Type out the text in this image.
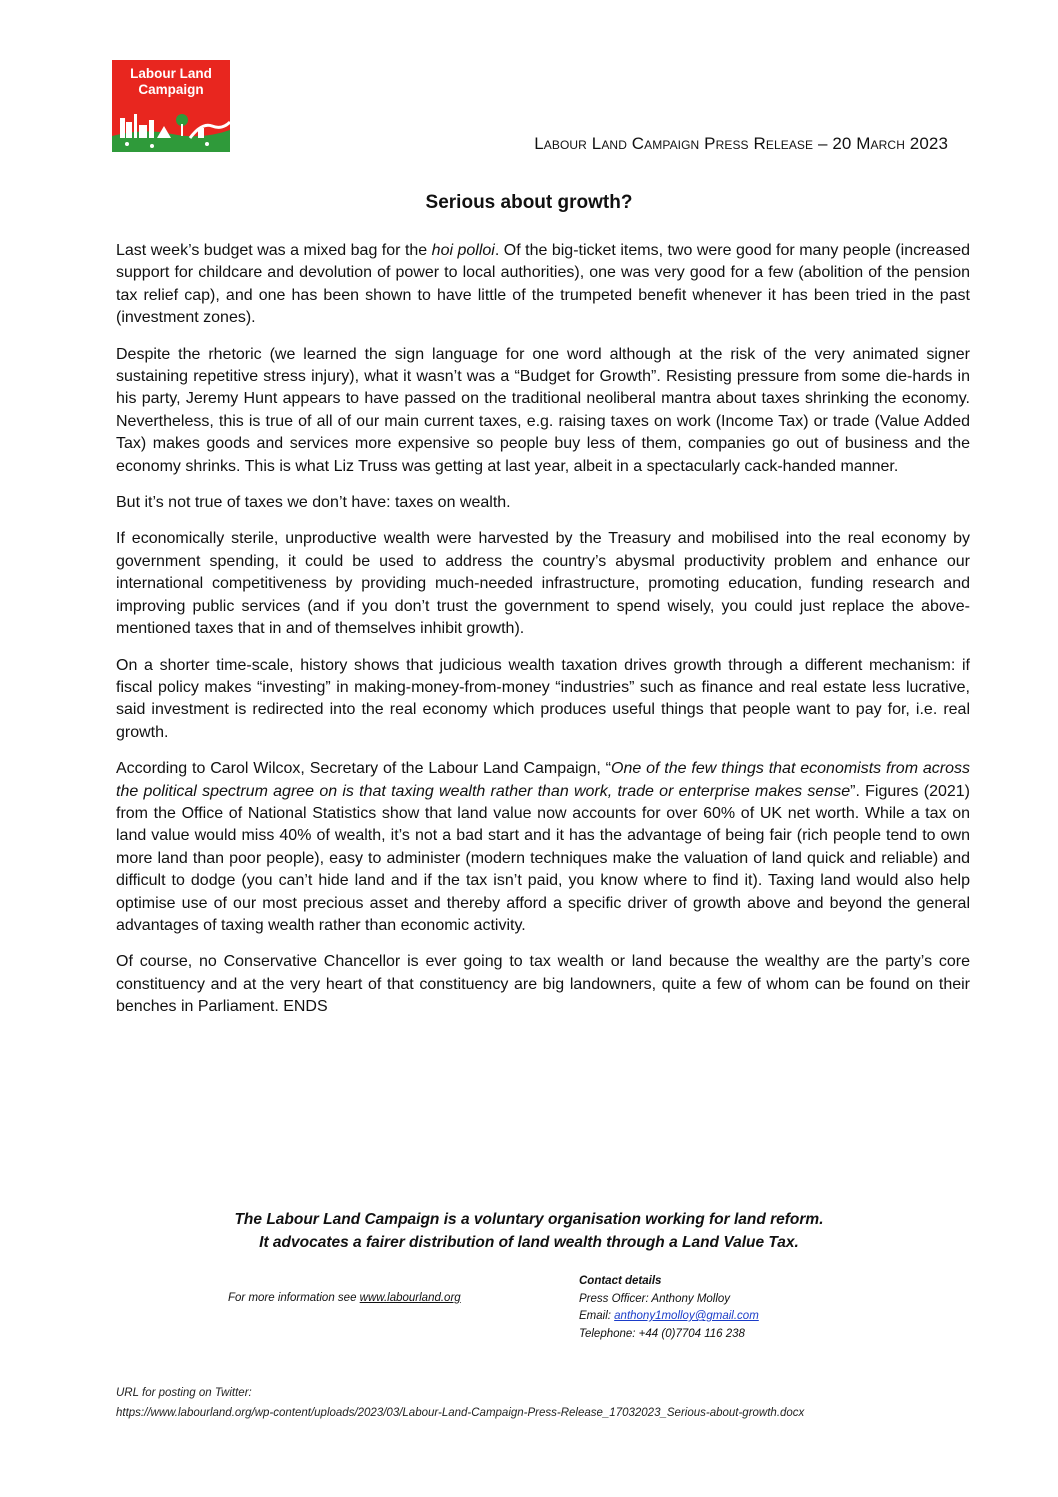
Labour Land
Campaign
Labour Land Campaign Press Release – 20 March 2023
Serious about growth?

Last week’s budget was a mixed bag for the hoi polloi. Of the big-ticket items, two were good for many people (increased support for childcare and devolution of power to local authorities), one was very good for a few (abolition of the pension tax relief cap), and one has been shown to have little of the trumpeted benefit whenever it has been tried in the past (investment zones).

Despite the rhetoric (we learned the sign language for one word although at the risk of the very animated signer sustaining repetitive stress injury), what it wasn’t was a “Budget for Growth”. Resisting pressure from some die-hards in his party, Jeremy Hunt appears to have passed on the traditional neoliberal mantra about taxes shrinking the economy. Nevertheless, this is true of all of our main current taxes, e.g. raising taxes on work (Income Tax) or trade (Value Added Tax) makes goods and services more expensive so people buy less of them, companies go out of business and the economy shrinks. This is what Liz Truss was getting at last year, albeit in a spectacularly cack-handed manner.

But it’s not true of taxes we don’t have: taxes on wealth.

If economically sterile, unproductive wealth were harvested by the Treasury and mobilised into the real economy by government spending, it could be used to address the country’s abysmal productivity problem and enhance our international competitiveness by providing much-needed infrastructure, promoting education, funding research and improving public services (and if you don’t trust the government to spend wisely, you could just replace the above-mentioned taxes that in and of themselves inhibit growth).

On a shorter time-scale, history shows that judicious wealth taxation drives growth through a different mechanism: if fiscal policy makes “investing” in making-money-from-money “industries” such as finance and real estate less lucrative, said investment is redirected into the real economy which produces useful things that people want to pay for, i.e. real growth.

According to Carol Wilcox, Secretary of the Labour Land Campaign, “One of the few things that economists from across the political spectrum agree on is that taxing wealth rather than work, trade or enterprise makes sense”. Figures (2021) from the Office of National Statistics show that land value now accounts for over 60% of UK net worth. While a tax on land value would miss 40% of wealth, it’s not a bad start and it has the advantage of being fair (rich people tend to own more land than poor people), easy to administer (modern techniques make the valuation of land quick and reliable) and difficult to dodge (you can’t hide land and if the tax isn’t paid, you know where to find it). Taxing land would also help optimise use of our most precious asset and thereby afford a specific driver of growth above and beyond the general advantages of taxing wealth rather than economic activity.

Of course, no Conservative Chancellor is ever going to tax wealth or land because the wealthy are the party’s core constituency and at the very heart of that constituency are big landowners, quite a few of whom can be found on their benches in Parliament. ENDS

The Labour Land Campaign is a voluntary organisation working for land reform.
It advocates a fairer distribution of land wealth through a Land Value Tax.
For more information see www.labourland.org
Contact details
Press Officer: Anthony Molloy
Email: anthony1molloy@gmail.com
Telephone: +44 (0)7704 116 238
URL for posting on Twitter:
https://www.labourland.org/wp-content/uploads/2023/03/Labour-Land-Campaign-Press-Release_17032023_Serious-about-growth.docx
